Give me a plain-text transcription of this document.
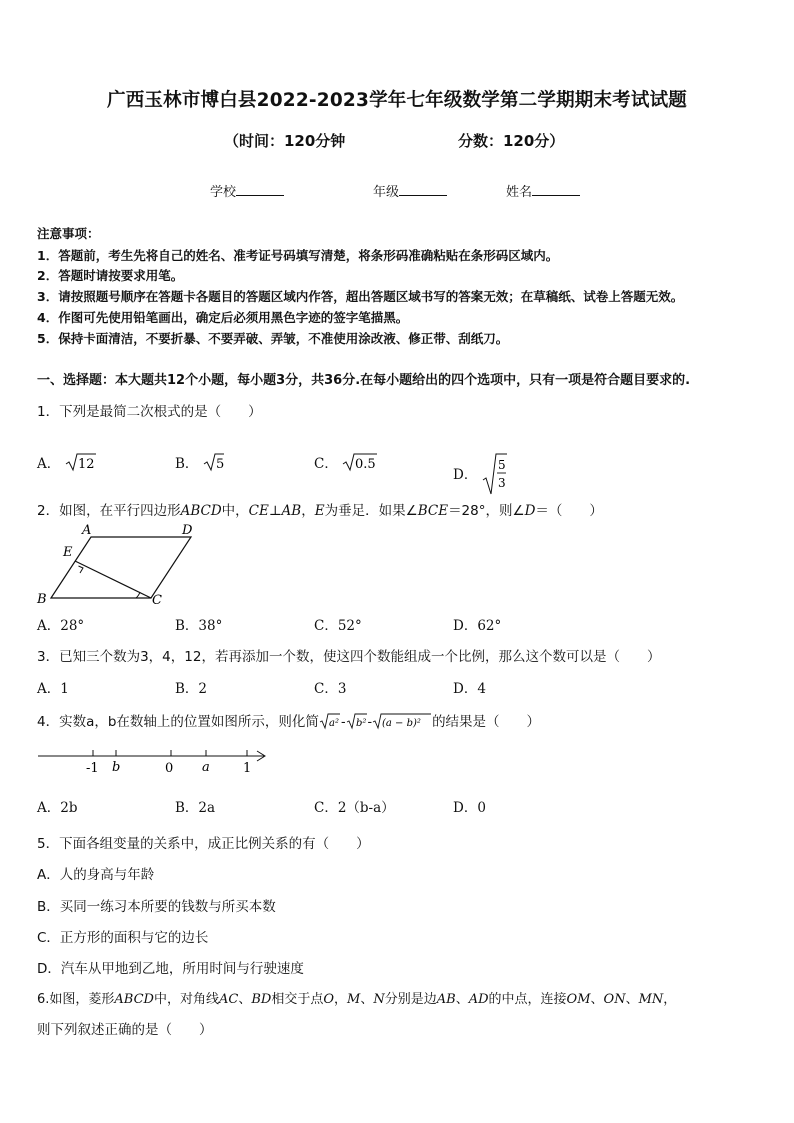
广西玉林市博白县2022-2023学年七年级数学第二学期期末考试试题
（时间：120分钟	分数：120分）
学校	年级	姓名
注意事项：
1．答题前，考生先将自己的姓名、准考证号码填写清楚，将条形码准确粘贴在条形码区域内。
2．答题时请按要求用笔。
3．请按照题号顺序在答题卡各题目的答题区域内作答，超出答题区域书写的答案无效；在草稿纸、试卷上答题无效。
4．作图可先使用铅笔画出，确定后必须用黑色字迹的签字笔描黑。
5．保持卡面清洁，不要折暴、不要弄破、弄皱，不准使用涂改液、修正带、刮纸刀。
一、选择题：本大题共12个小题，每小题3分，共36分.在每小题给出的四个选项中，只有一项是符合题目要求的.
1．下列是最简二次根式的是（　　）
A． 12	B． 5	C． 0.5
D．
5
3
2．如图，在平行四边形ABCD中，CE⊥AB，E为垂足．如果∠BCE＝28°，则∠D＝（　　）
A	D
E
B	C
A．28°	B．38°	C．52°	D．62°
3．已知三个数为3，4，12，若再添加一个数，使这四个数能组成一个比例，那么这个数可以是（　　）
A．1	B．2	C．3	D．4
4．实数a，b在数轴上的位置如图所示，则化简 a² - b² - (a − b)² 的结果是（　　）
-1 b	0 a	1
A．2b	B．2a	C．2（b-a）	D．0
5．下面各组变量的关系中，成正比例关系的有（　　）
A．人的身高与年龄
B．买同一练习本所要的钱数与所买本数
C．正方形的面积与它的边长
D．汽车从甲地到乙地，所用时间与行驶速度
6.如图，菱形ABCD中，对角线AC、BD相交于点O，M、N分别是边AB、AD的中点，连接OM、ON、MN，
则下列叙述正确的是（　　）
